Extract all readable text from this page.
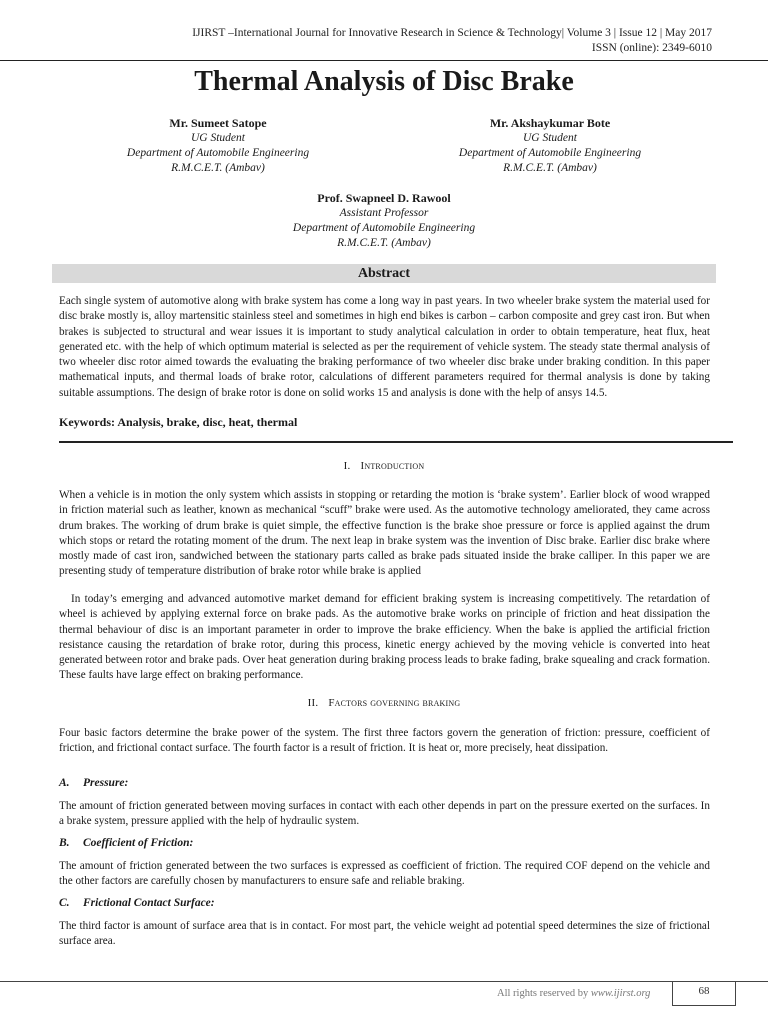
IJIRST –International Journal for Innovative Research in Science & Technology| Volume 3 | Issue 12 | May 2017
ISSN (online): 2349-6010
Thermal Analysis of Disc Brake
Mr. Sumeet Satope
UG Student
Department of Automobile Engineering
R.M.C.E.T. (Ambav)
Mr. Akshaykumar Bote
UG Student
Department of Automobile Engineering
R.M.C.E.T. (Ambav)
Prof. Swapneel D. Rawool
Assistant Professor
Department of Automobile Engineering
R.M.C.E.T. (Ambav)
Abstract

Each single system of automotive along with brake system has come a long way in past years. In two wheeler brake system the material used for disc brake mostly is, alloy martensitic stainless steel and sometimes in high end bikes is carbon – carbon composite and grey cast iron. But when brakes is subjected to structural and wear issues it is important to study analytical calculation in order to obtain temperature, heat flux, heat generated etc. with the help of which optimum material is selected as per the requirement of vehicle system. The steady state thermal analysis of two wheeler disc rotor aimed towards the evaluating the braking performance of two wheeler disc brake under braking condition. In this paper mathematical inputs, and thermal loads of brake rotor, calculations of different parameters required for thermal analysis is done by taking suitable assumptions. The design of brake rotor is done on solid works 15 and analysis is done with the help of ansys 14.5.

Keywords: Analysis, brake, disc, heat, thermal
I. Introduction

When a vehicle is in motion the only system which assists in stopping or retarding the motion is ‘brake system’. Earlier block of wood wrapped in friction material such as leather, known as mechanical “scuff” brake were used. As the automotive technology ameliorated, they came across drum brakes. The working of drum brake is quiet simple, the effective function is the brake shoe pressure or force is applied against the drum which stops or retard the rotating moment of the drum. The next leap in brake system was the invention of Disc brake. Earlier disc brake where mostly made of cast iron, sandwiched between the stationary parts called as brake pads situated inside the brake calliper. In this paper we are presenting study of temperature distribution of brake rotor while brake is applied

In today’s emerging and advanced automotive market demand for efficient braking system is increasing competitively. The retardation of wheel is achieved by applying external force on brake pads. As the automotive brake works on principle of friction and heat dissipation the thermal behaviour of disc is an important parameter in order to improve the brake efficiency. When the bake is applied the artificial friction resistance causing the retardation of brake rotor, during this process, kinetic energy achieved by the moving vehicle is converted into heat generated between rotor and brake pads. Over heat generation during braking process leads to brake fading, brake squealing and crack formation. These faults have large effect on braking performance.

II. Factors governing braking

Four basic factors determine the brake power of the system. The first three factors govern the generation of friction: pressure, coefficient of friction, and frictional contact surface. The fourth factor is a result of friction. It is heat or, more precisely, heat dissipation.

A. Pressure:

The amount of friction generated between moving surfaces in contact with each other depends in part on the pressure exerted on the surfaces. In a brake system, pressure applied with the help of hydraulic system.

B. Coefficient of Friction:

The amount of friction generated between the two surfaces is expressed as coefficient of friction. The required COF depend on the vehicle and the other factors are carefully chosen by manufacturers to ensure safe and reliable braking.

C. Frictional Contact Surface:

The third factor is amount of surface area that is in contact. For most part, the vehicle weight ad potential speed determines the size of frictional surface area.

All rights reserved by www.ijirst.org	68
